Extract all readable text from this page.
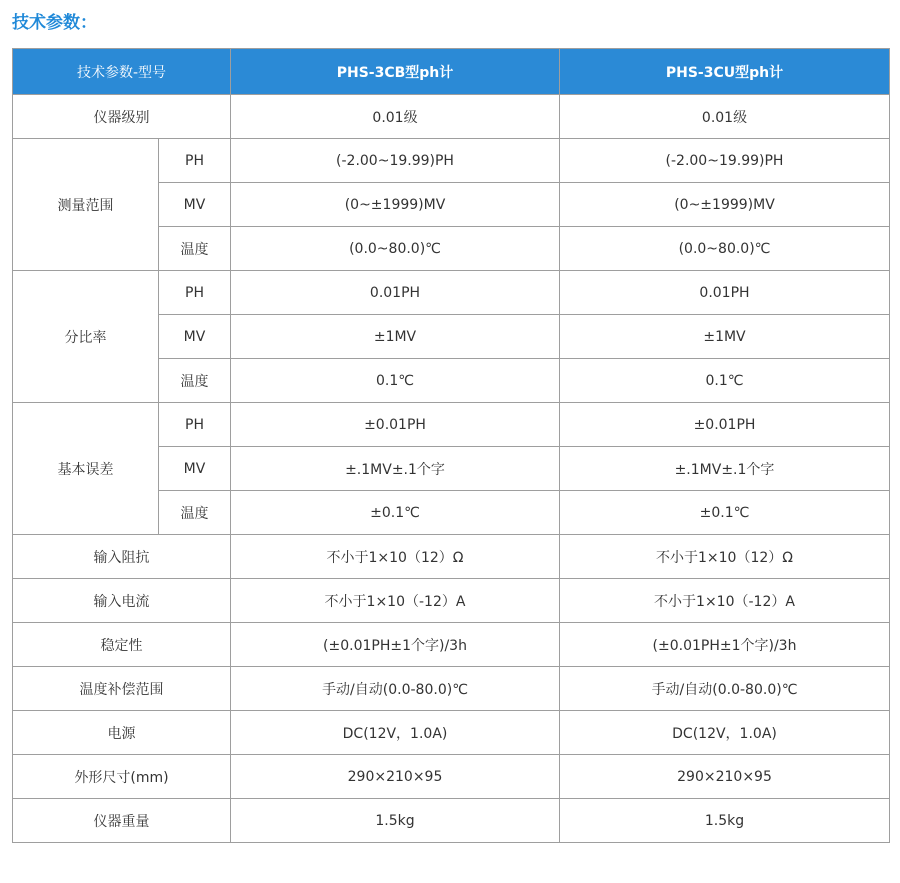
技术参数：
技术参数-型号		PHS-3CB型ph计	PHS-3CU型ph计
仪器级别		0.01级	0.01级
测量范围	PH	(-2.00~19.99)PH	(-2.00~19.99)PH
	MV	(0~±1999)MV	(0~±1999)MV
	温度	(0.0~80.0)℃	(0.0~80.0)℃
分比率	PH	0.01PH	0.01PH
	MV	±1MV	±1MV
	温度	0.1℃	0.1℃
基本误差	PH	±0.01PH	±0.01PH
	MV	±.1MV±.1个字	±.1MV±.1个字
	温度	±0.1℃	±0.1℃
输入阻抗		不小于1×10（12）Ω	不小于1×10（12）Ω
输入电流		不小于1×10（-12）A	不小于1×10（-12）A
稳定性		(±0.01PH±1个字)/3h	(±0.01PH±1个字)/3h
温度补偿范围		手动/自动(0.0-80.0)℃	手动/自动(0.0-80.0)℃
电源		DC(12V，1.0A)	DC(12V，1.0A)
外形尺寸(mm)		290×210×95	290×210×95
仪器重量		1.5kg	1.5kg
